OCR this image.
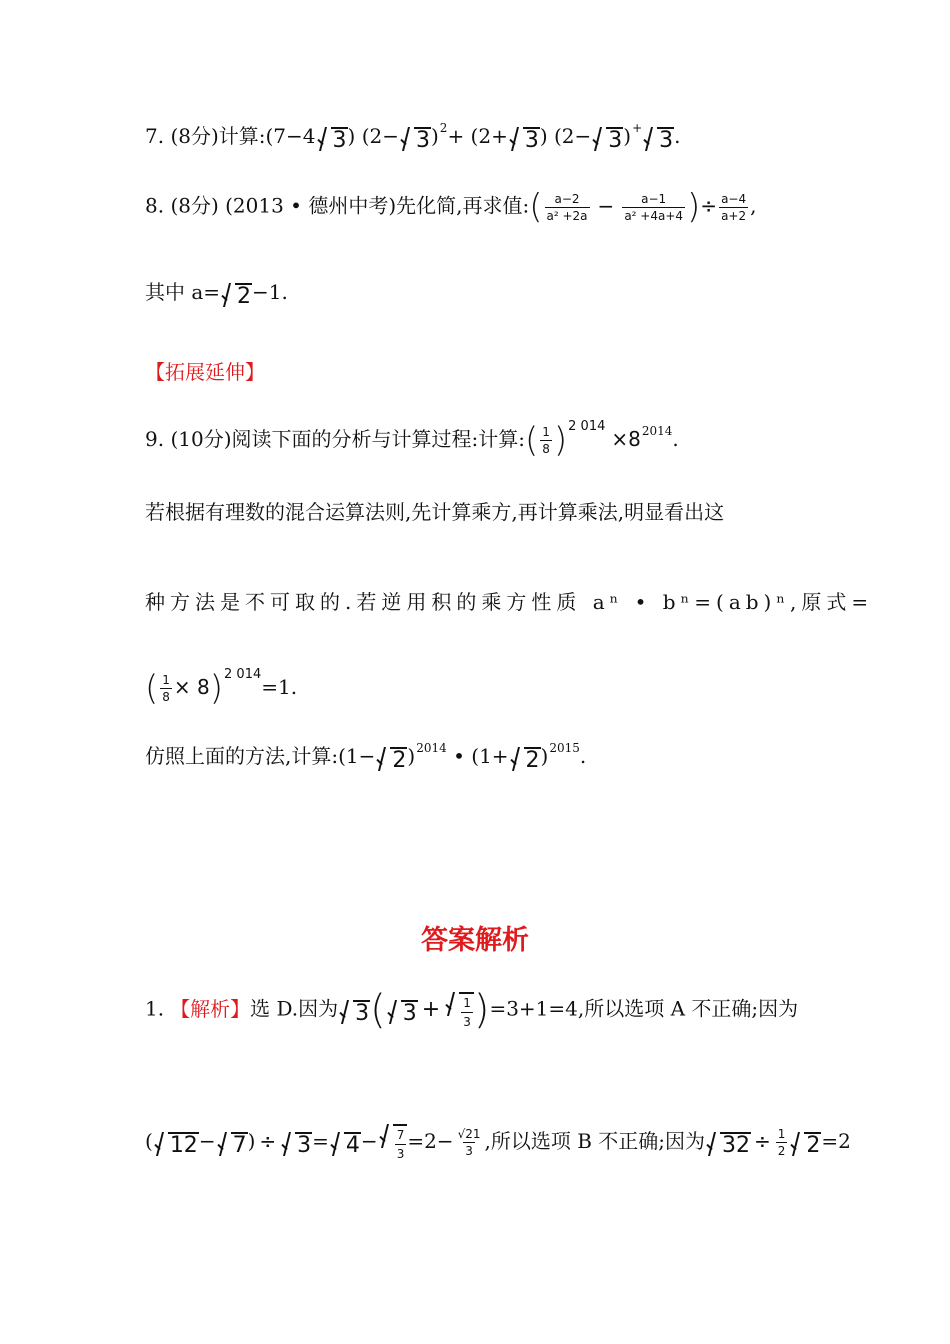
7. (8分)计算:(7−4 3) $(2- 3)^2+ (2+ 3)$ (2− 3)+ 3.
8. (8分) (2013 • 德州中考)先化简,再求值:( $\frac{a-2}{\text{a² +2a}} - \frac{a-1}{\text{a² +4a+4}}$ )÷ $\frac{a-4}{a+2}$ ,
其中 a= 2−1.
【拓展延伸】
9. (10分)阅读下面的分析与计算过程:计算:( $\frac{1}{8} )^{2 014}\times 8^{2014}$.
若根据有理数的混合运算法则,先计算乘方,再计算乘法,明显看出这
种方法是不可取的.若逆用积的乘方性质 aⁿ • bⁿ=(ab)ⁿ,原式=
( $\frac{1}{8} \times 8)^{2 014}=1$.
仿照上面的方法,计算:(1− 2)$^{2014}$ • $(1+ 2)^{2015}$.
答案解析
1. 【解析】选 D.因为 3( $3 + \frac{1}{3} )=3+1=4$,所以选项 A 不正确;因为
( $12- 7) \div 3= 4- \frac{7}{3} =2- \frac{√21}{3}$ ,所以选项 B 不正确;因为 $32 \div \frac{1}{2} 2=2$
